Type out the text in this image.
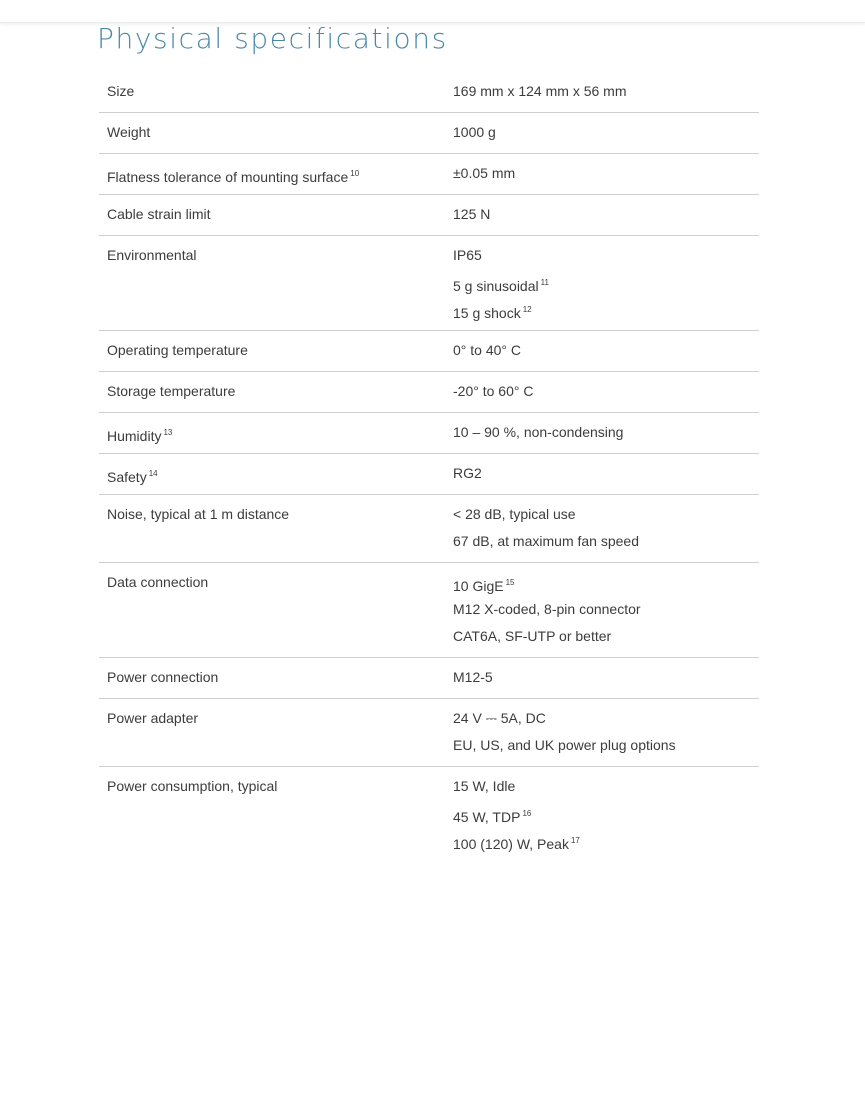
Physical specifications
Size	169 mm x 124 mm x 56 mm

Weight	1000 g

Flatness tolerance of mounting surface $^{10}$	±0.05 mm

Cable strain limit	125 N

Environmental	IP65
5 g sinusoidal $^{11}$
15 g shock $^{12}$

Operating temperature	0° to 40° C

Storage temperature	-20° to 60° C

Humidity $^{13}$	10 – 90 %, non-condensing

Safety $^{14}$	RG2

Noise, typical at 1 m distance	< 28 dB, typical use
67 dB, at maximum fan speed

Data connection	10 GigE $^{15}$
M12 X-coded, 8-pin connector
CAT6A, SF-UTP or better

Power connection	M12-5

Power adapter	24 V ⎓ 5A, DC
EU, US, and UK power plug options

Power consumption, typical	15 W, Idle
45 W, TDP $^{16}$
100 (120) W, Peak $^{17}$
